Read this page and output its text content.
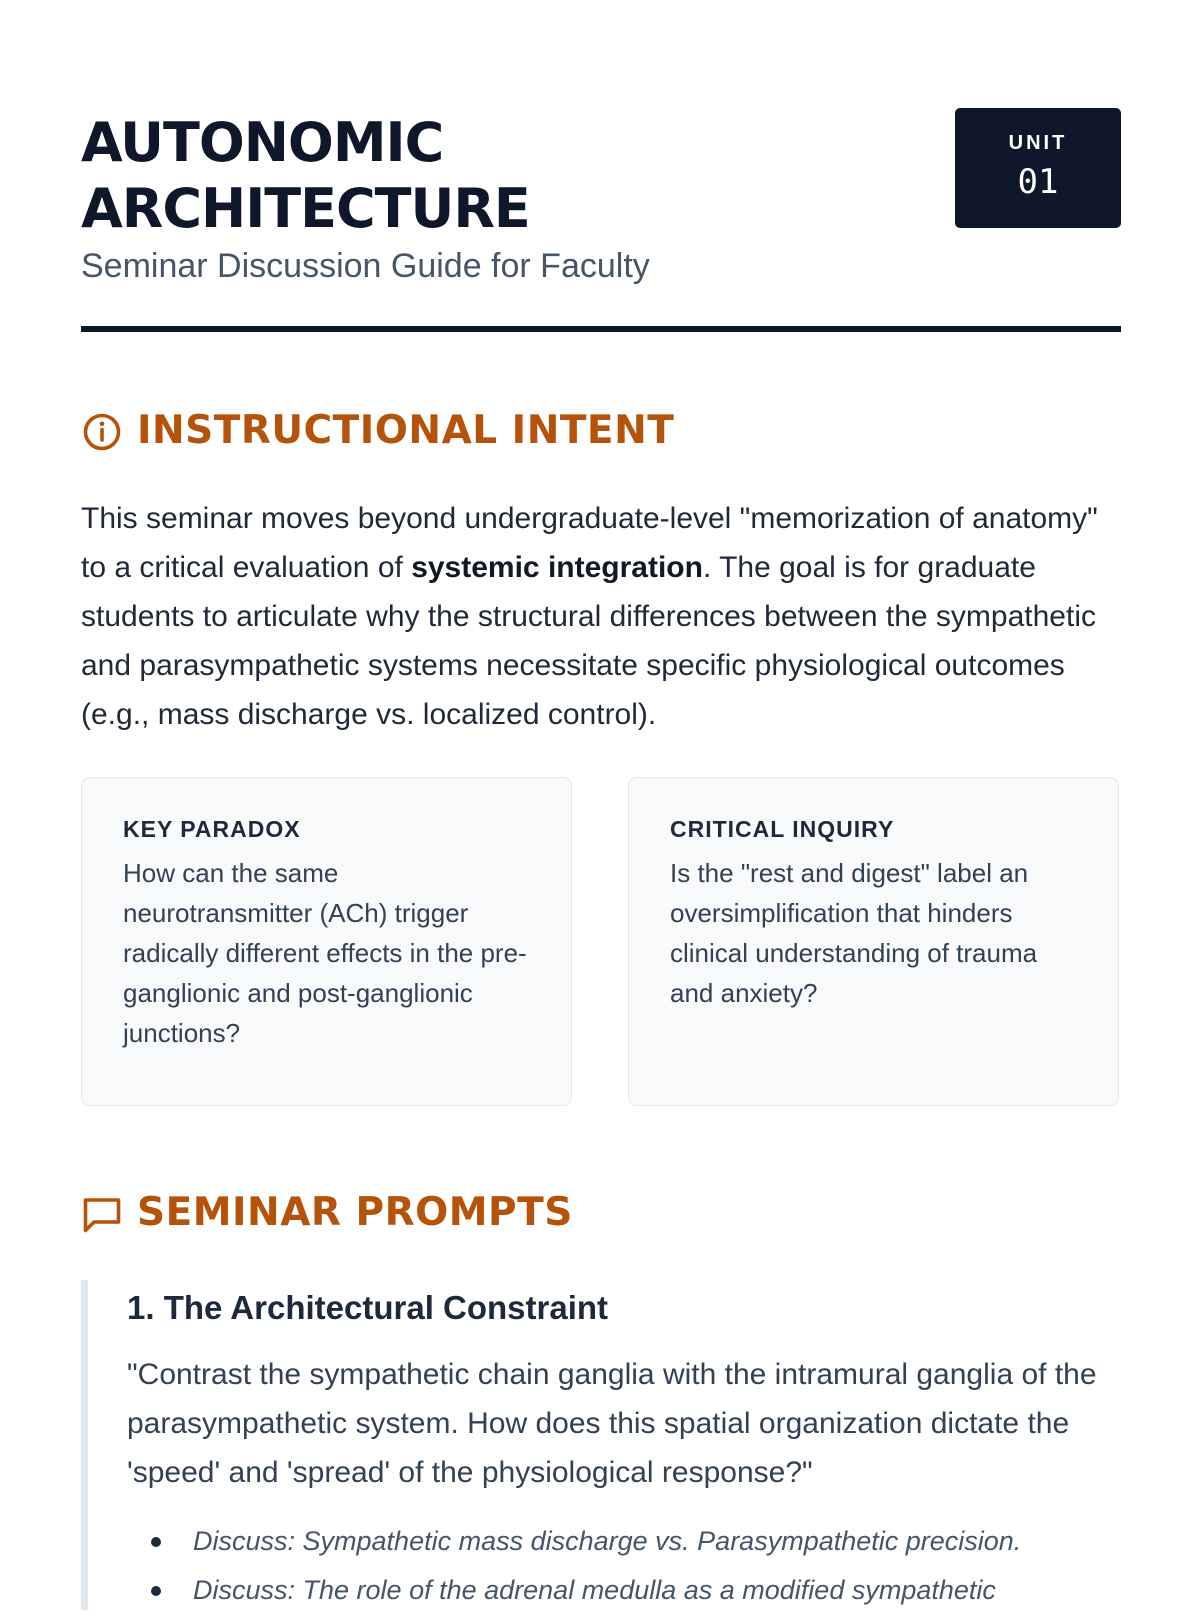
AUTONOMIC
ARCHITECTURE

Seminar Discussion Guide for Faculty

UNIT
01
INSTRUCTIONAL INTENT

This seminar moves beyond undergraduate-level "memorization of anatomy" to a critical evaluation of systemic integration. The goal is for graduate students to articulate why the structural differences between the sympathetic and parasympathetic systems necessitate specific physiological outcomes (e.g., mass discharge vs. localized control).

KEY PARADOX

How can the same neurotransmitter (ACh) trigger radically different effects in the pre-ganglionic and post-ganglionic junctions?

CRITICAL INQUIRY

Is the "rest and digest" label an oversimplification that hinders clinical understanding of trauma and anxiety?

SEMINAR PROMPTS
1. The Architectural Constraint

"Contrast the sympathetic chain ganglia with the intramural ganglia of the parasympathetic system. How does this spatial organization dictate the 'speed' and 'spread' of the physiological response?"

Discuss: Sympathetic mass discharge vs. Parasympathetic precision.
Discuss: The role of the adrenal medulla as a modified sympathetic
